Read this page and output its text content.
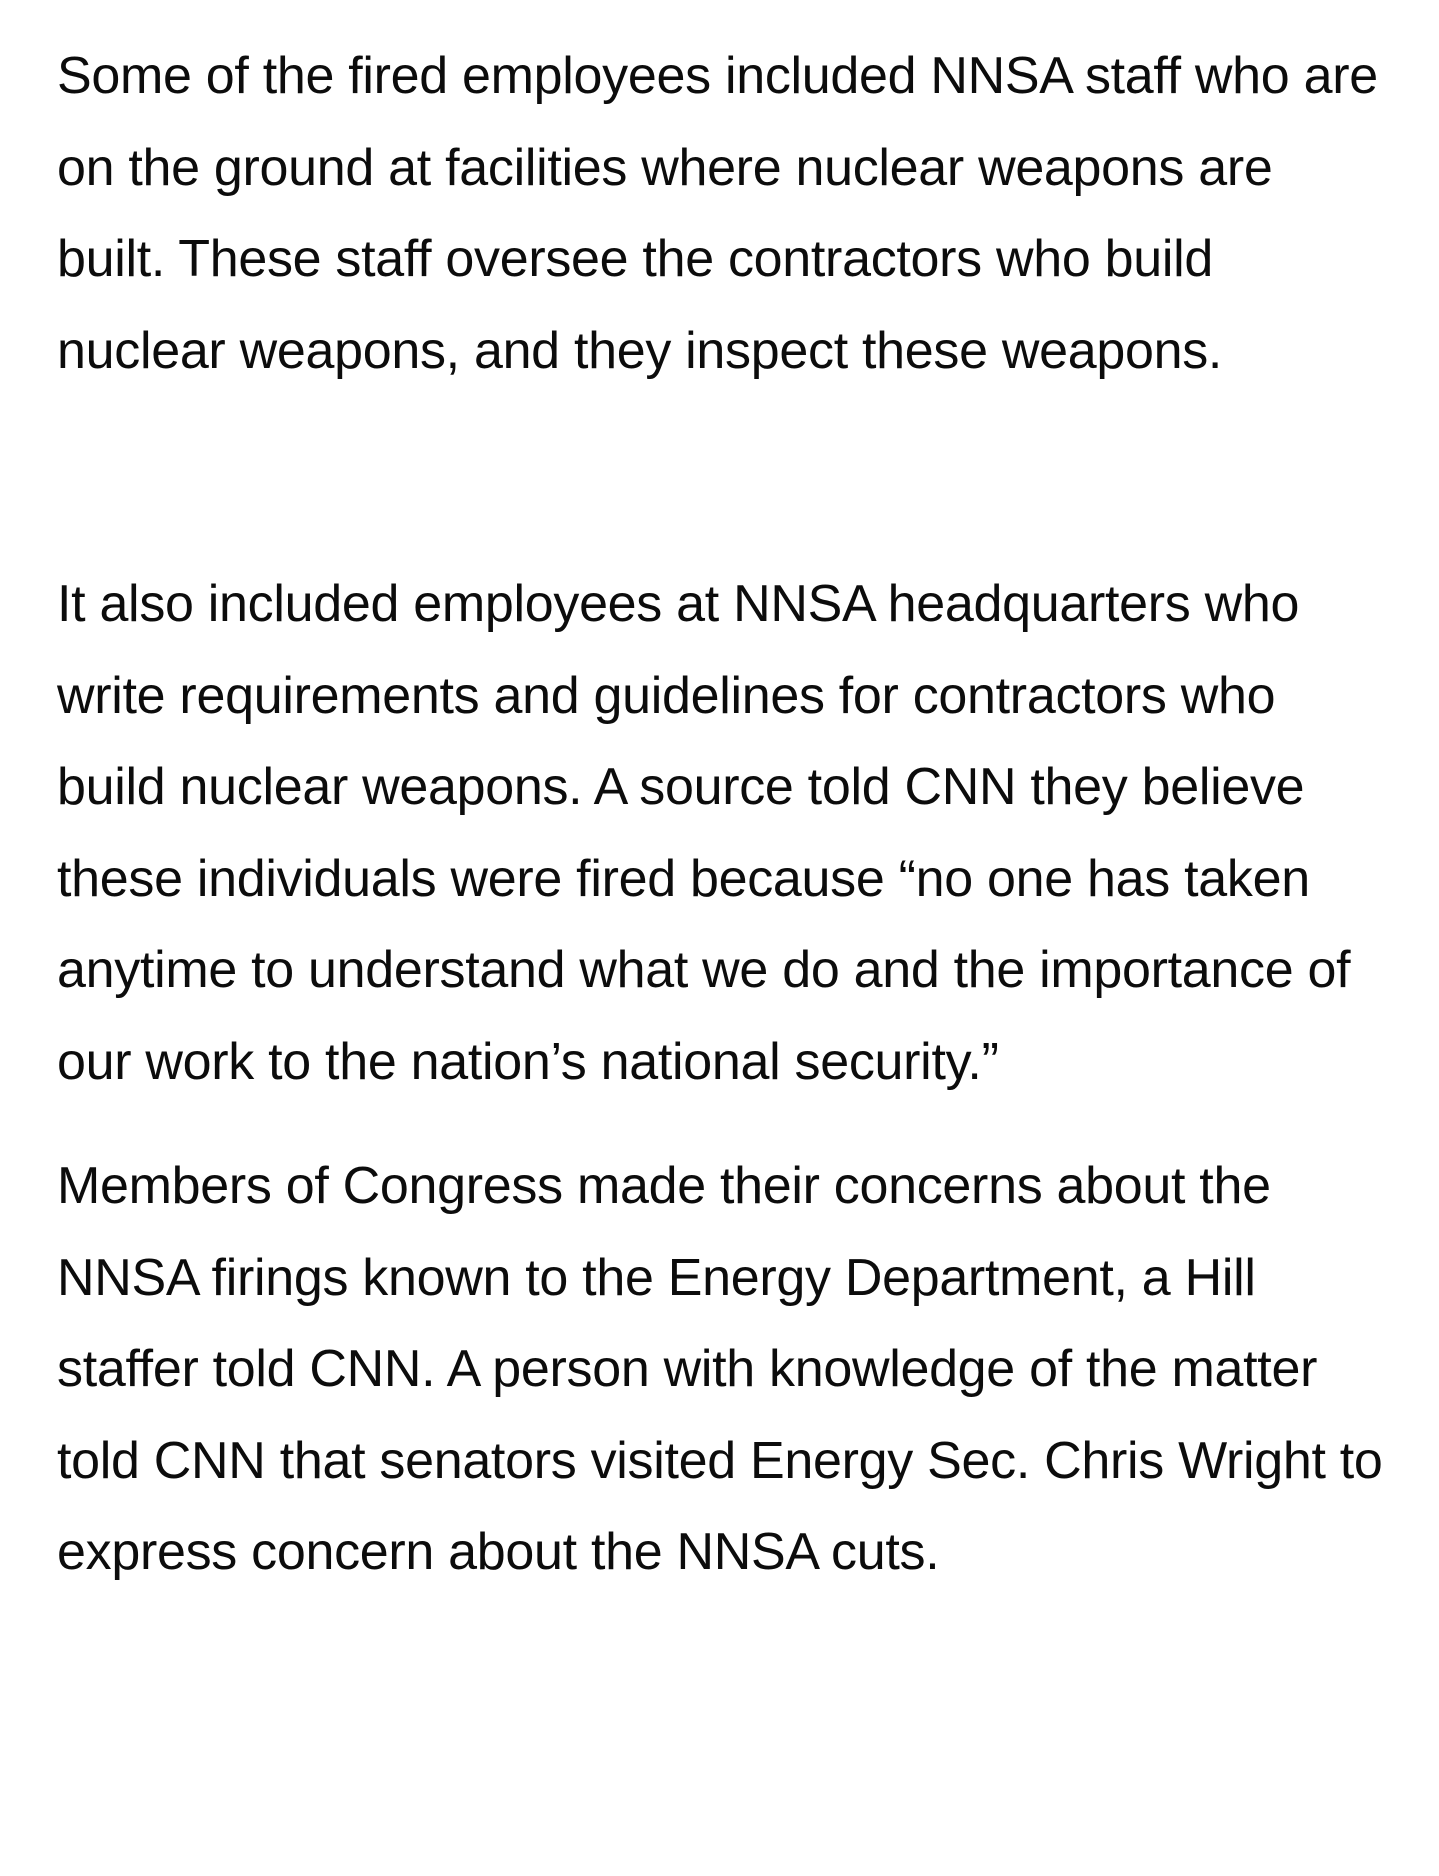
Some of the fired employees included NNSA staff who are on the ground at facilities where nuclear weapons are built. These staff oversee the contractors who build nuclear weapons, and they inspect these weapons.

It also included employees at NNSA headquarters who write requirements and guidelines for contractors who build nuclear weapons. A source told CNN they believe these individuals were fired because “no one has taken anytime to understand what we do and the importance of our work to the nation’s national security.”

Members of Congress made their concerns about the NNSA firings known to the Energy Department, a Hill staffer told CNN. A person with knowledge of the matter told CNN that senators visited Energy Sec. Chris Wright to express concern about the NNSA cuts.
